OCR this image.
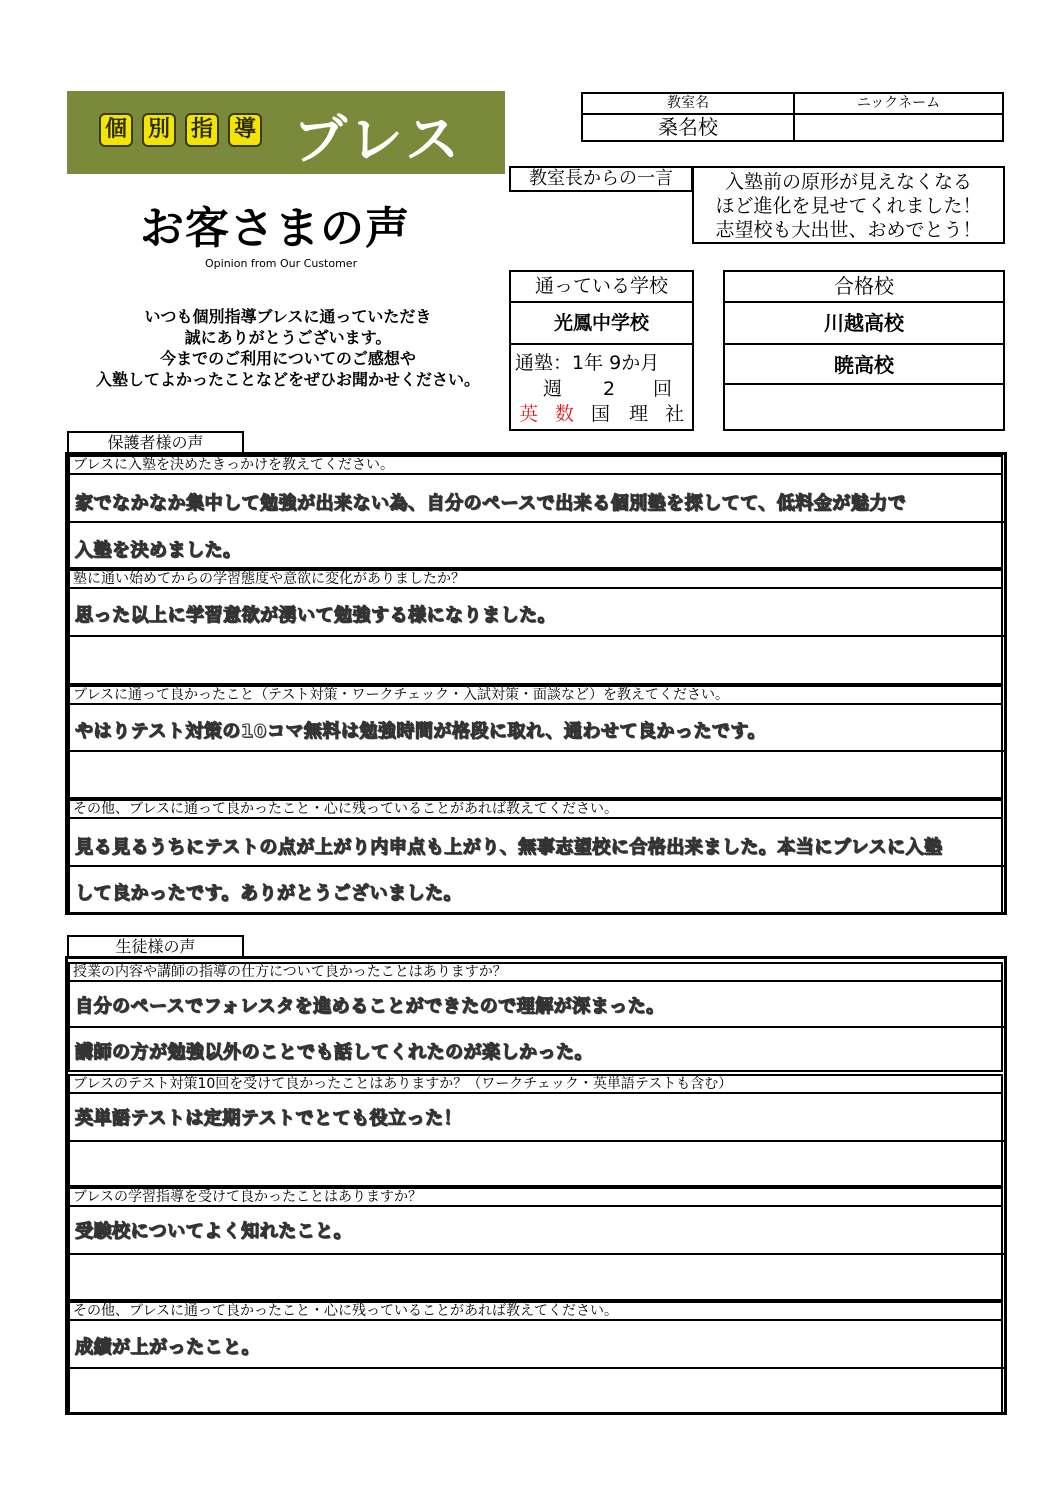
個 別 指 導 ブレス
教室名	ニックネーム
桑名校
お客さまの声
Opinion from Our Customer
いつも個別指導ブレスに通っていただき
誠にありがとうございます。
今までのご利用についてのご感想や
入塾してよかったことなどをぜひお聞かせください。
教室長からの一言	入塾前の原形が見えなくなる
ほど進化を見せてくれました！
志望校も大出世、おめでとう！
通っている学校
光鳳中学校
通塾：1年 9か月
週 2 回
英 数 国 理 社
合格校
川越高校
暁高校
保護者様の声
ブレスに入塾を決めたきっかけを教えてください。
家でなかなか集中して勉強が出来ない為、自分のペースで出来る個別塾を探してて、低料金が魅力で
入塾を決めました。
塾に通い始めてからの学習態度や意欲に変化がありましたか？
思った以上に学習意欲が湧いて勉強する様になりました。
ブレスに通って良かったこと（テスト対策・ワークチェック・入試対策・面談など）を教えてください。
やはりテスト対策の10コマ無料は勉強時間が格段に取れ、通わせて良かったです。
その他、ブレスに通って良かったこと・心に残っていることがあれば教えてください。
見る見るうちにテストの点が上がり内申点も上がり、無事志望校に合格出来ました。本当にブレスに入塾
して良かったです。ありがとうございました。
生徒様の声
授業の内容や講師の指導の仕方について良かったことはありますか？
自分のペースでフォレスタを進めることができたので理解が深まった。
講師の方が勉強以外のことでも話してくれたのが楽しかった。
ブレスのテスト対策10回を受けて良かったことはありますか？（ワークチェック・英単語テストも含む）
英単語テストは定期テストでとても役立った！
ブレスの学習指導を受けて良かったことはありますか？
受験校についてよく知れたこと。
その他、ブレスに通って良かったこと・心に残っていることがあれば教えてください。
成績が上がったこと。
